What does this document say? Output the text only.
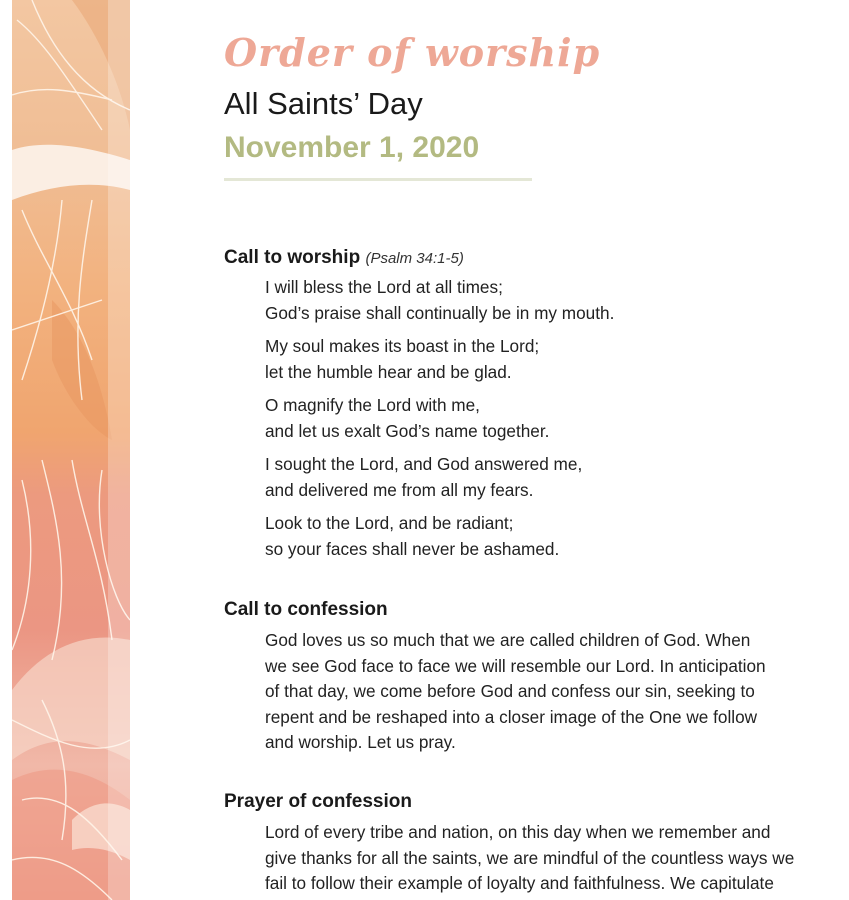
Order of worship
All Saints’ Day
November 1, 2020
Call to worship (Psalm 34:1-5)

I will bless the Lord at all times;

God’s praise shall continually be in my mouth.

My soul makes its boast in the Lord;

let the humble hear and be glad.

O magnify the Lord with me,

and let us exalt God’s name together.

I sought the Lord, and God answered me,

and delivered me from all my fears.

Look to the Lord, and be radiant;

so your faces shall never be ashamed.

Call to confession

God loves us so much that we are called children of God. When

we see God face to face we will resemble our Lord. In anticipation

of that day, we come before God and confess our sin, seeking to

repent and be reshaped into a closer image of the One we follow

and worship. Let us pray.

Prayer of confession

Lord of every tribe and nation, on this day when we remember and

give thanks for all the saints, we are mindful of the countless ways we

fail to follow their example of loyalty and faithfulness. We capitulate
